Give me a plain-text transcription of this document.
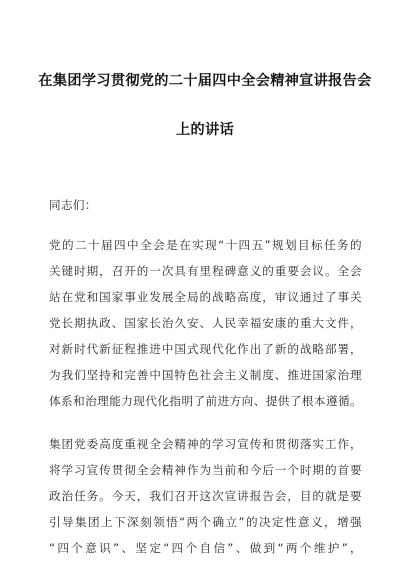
在集团学习贯彻党的二十届四中全会精神宣讲报告会
上的讲话
同志们：
党的二十届四中全会是在实现“十四五”规划目标任务的
关键时期，召开的一次具有里程碑意义的重要会议。全会
站在党和国家事业发展全局的战略高度，审议通过了事关
党长期执政、国家长治久安、人民幸福安康的重大文件，
对新时代新征程推进中国式现代化作出了新的战略部署，
为我们坚持和完善中国特色社会主义制度、推进国家治理
体系和治理能力现代化指明了前进方向、提供了根本遵循。
集团党委高度重视全会精神的学习宣传和贯彻落实工作，
将学习宣传贯彻全会精神作为当前和今后一个时期的首要
政治任务。今天，我们召开这次宣讲报告会，目的就是要
引导集团上下深刻领悟“两个确立”的决定性意义，增强
“四个意识”、坚定“四个自信”、做到“两个维护”，
